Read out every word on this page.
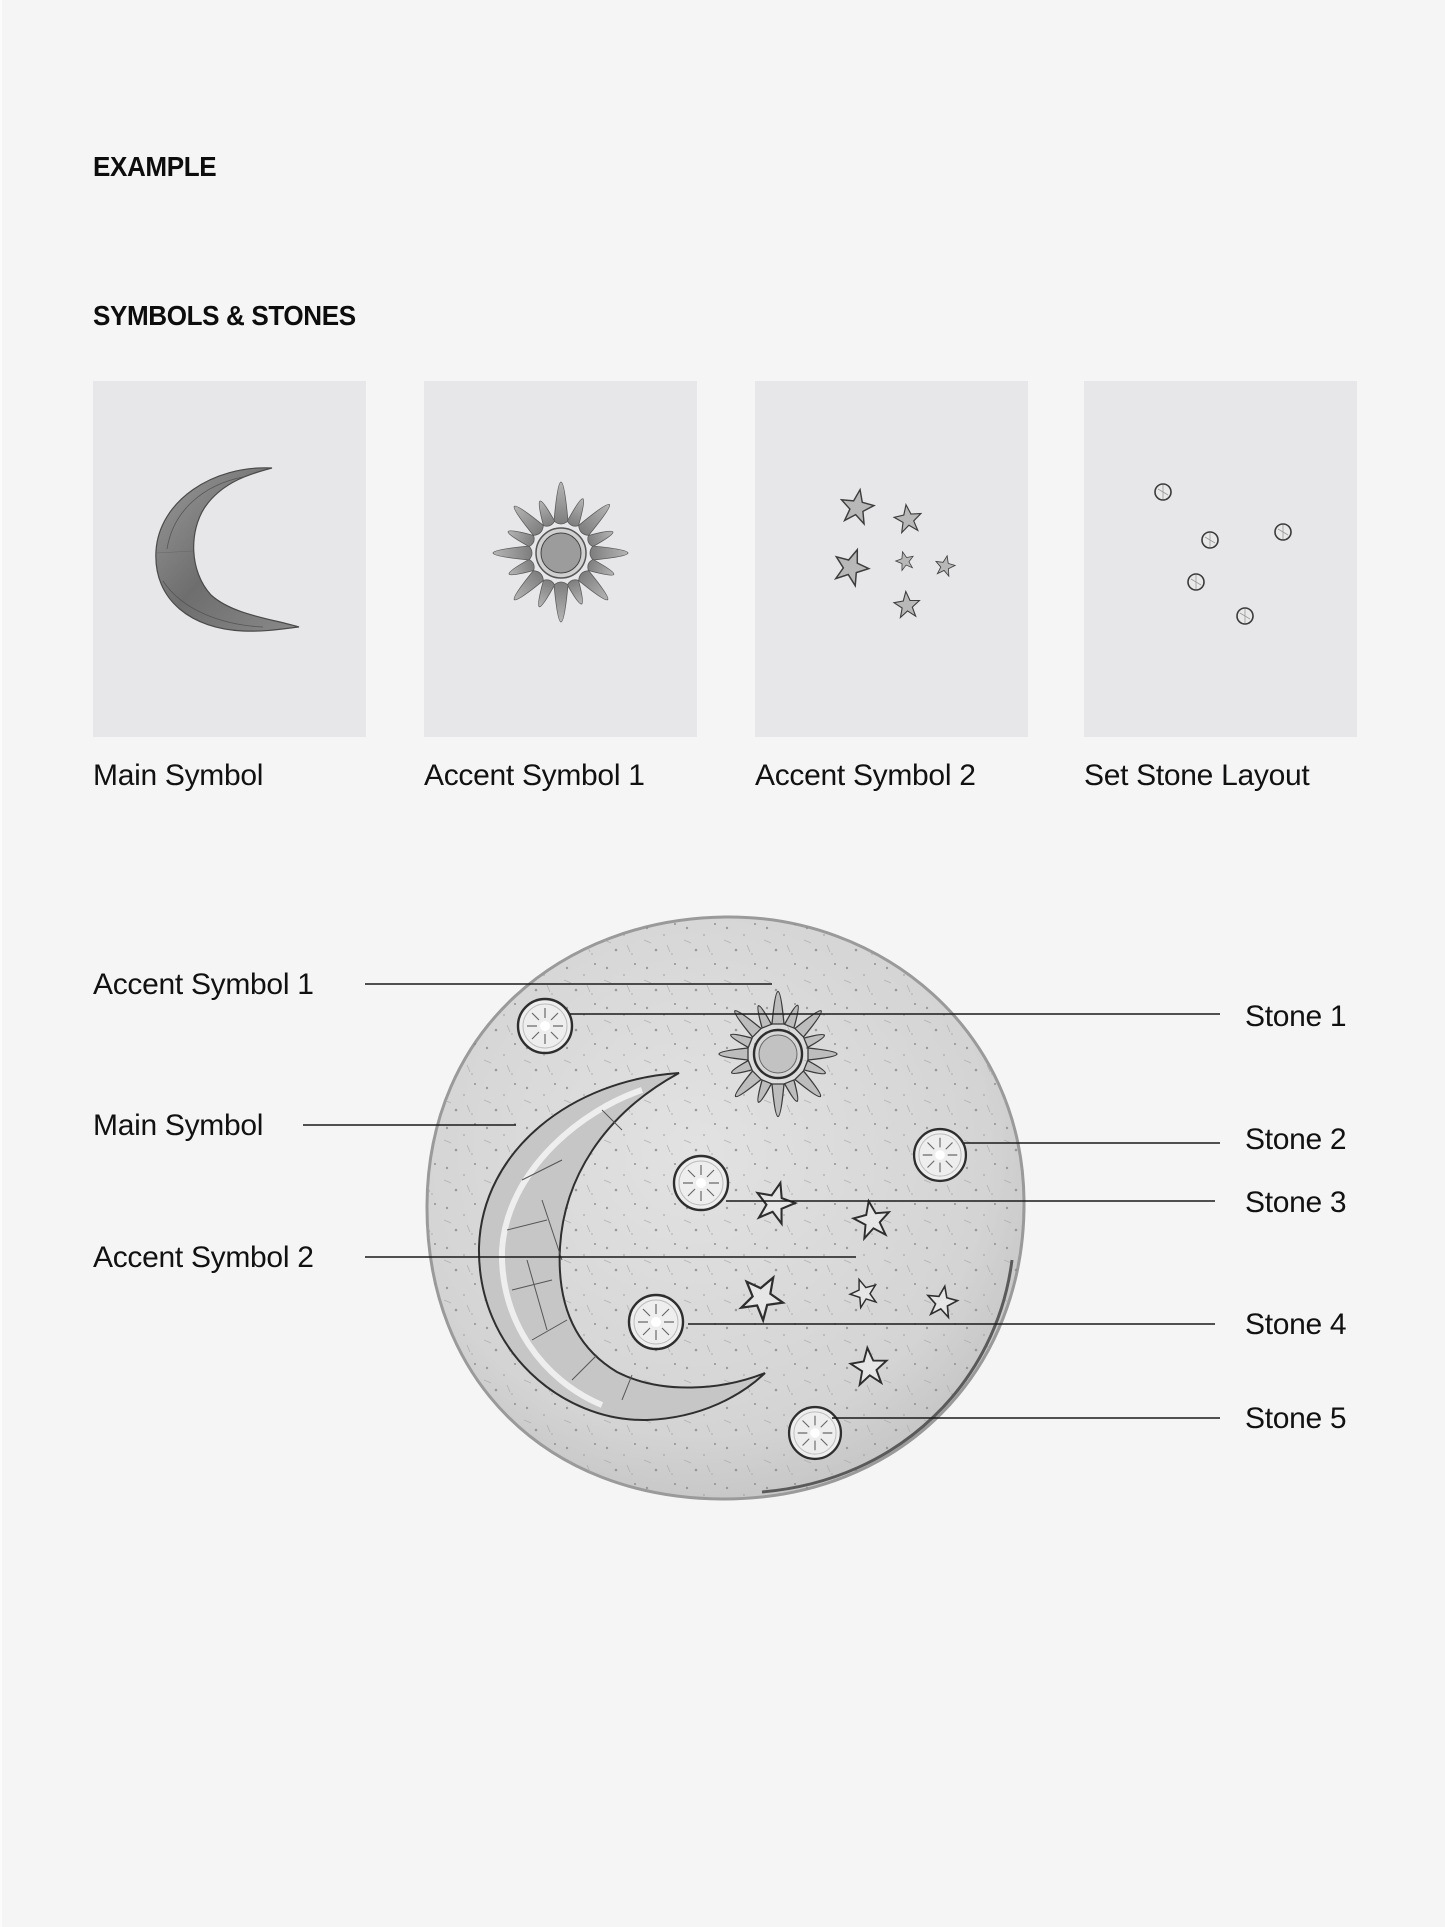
EXAMPLE
SYMBOLS & STONES
Main Symbol	Accent Symbol 1	Accent Symbol 2	Set Stone Layout
Accent Symbol 1
Main Symbol
Accent Symbol 2
Stone 1
Stone 2
Stone 3
Stone 4
Stone 5
